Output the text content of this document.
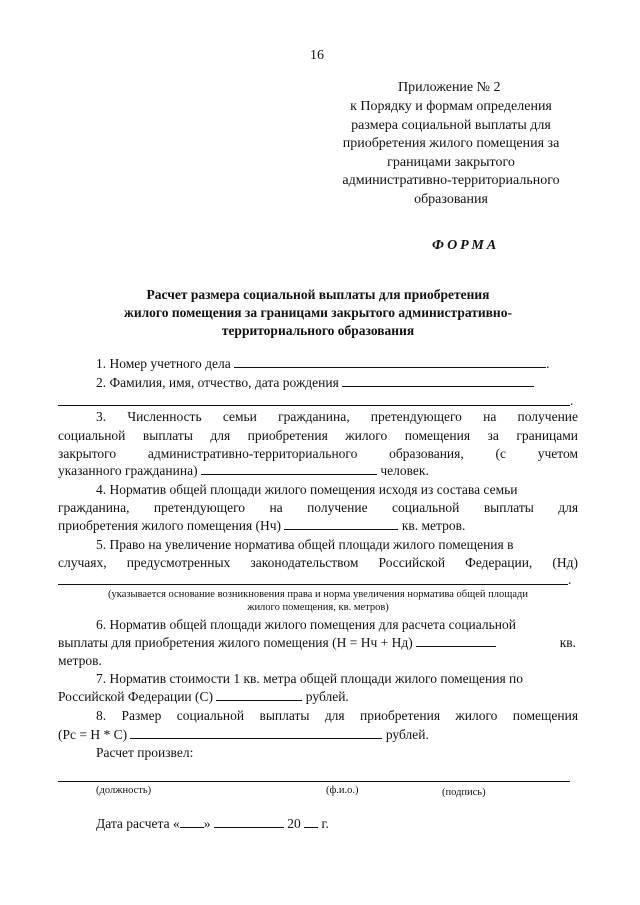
16
Приложение № 2
к Порядку и формам определения
размера социальной выплаты для
приобретения жилого помещения за
границами закрытого
административно-территориального
образования
ФОРМА
Расчет размера социальной выплаты для приобретения
жилого помещения за границами закрытого административно-
территориального образования
1. Номер учетного дела	.
2. Фамилия, имя, отчество, дата рождения
.
3. Численность семьи гражданина, претендующего на получение
социальной выплаты для приобретения жилого помещения за границами
закрытого административно-территориального образования, (с учетом
указанного гражданина)	человек.
4. Норматив общей площади жилого помещения исходя из состава семьи
гражданина, претендующего на получение социальной выплаты для
приобретения жилого помещения (Нч)	кв. метров.
5. Право на увеличение норматива общей площади жилого помещения в
случаях, предусмотренных законодательством Российской Федерации, (Нд)
.
(указывается основание возникновения права и норма увеличения норматива общей площади
жилого помещения, кв. метров)
6. Норматив общей площади жилого помещения для расчета социальной
выплаты для приобретения жилого помещения (Н = Нч + Нд)	кв.
метров.
7. Норматив стоимости 1 кв. метра общей площади жилого помещения по
Российской Федерации (С)	рублей.
8. Размер социальной выплаты для приобретения жилого помещения
(Рс = Н * С)	рублей.
Расчет произвел:
(должность)	(ф.и.о.)	(подпись)
Дата расчета « »	20 г.
